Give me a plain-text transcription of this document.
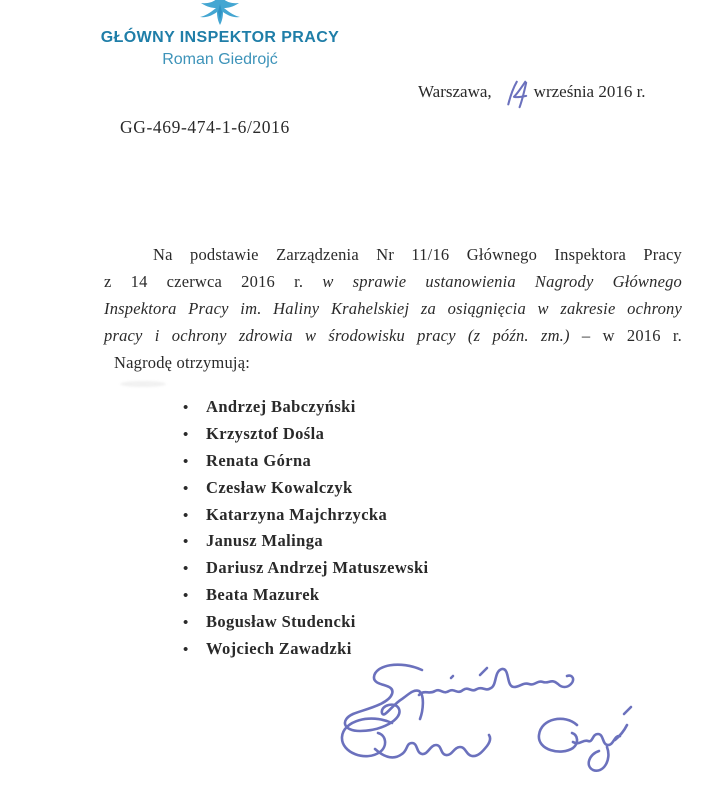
GŁÓWNY INSPEKTOR PRACY
Roman Giedrojć
Warszawa, września 2016 r.
GG-469-474-1-6/2016
Na podstawie Zarządzenia Nr 11/16 Głównego Inspektora Pracy
z 14 czerwca 2016 r. w sprawie ustanowienia Nagrody Głównego
Inspektora Pracy im. Haliny Krahelskiej za osiągnięcia w zakresie ochrony
pracy i ochrony zdrowia w środowisku pracy (z późn. zm.) – w 2016 r.
Nagrodę otrzymują:
•	Andrzej Babczyński
•	Krzysztof Dośla
•	Renata Górna
•	Czesław Kowalczyk
•	Katarzyna Majchrzycka
•	Janusz Malinga
•	Dariusz Andrzej Matuszewski
•	Beata Mazurek
•	Bogusław Studencki
•	Wojciech Zawadzki
